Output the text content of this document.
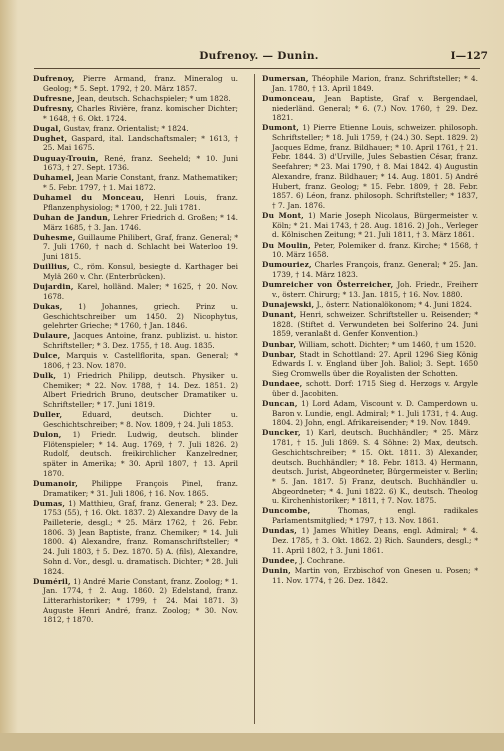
Dufrenoy. — Dunin.	I—127

Dufrenoy, Pierre Armand, franz. Mineralog u. Geolog; * 5. Sept. 1792, † 20. März 1857.

Dufresne, Jean, deutsch. Schachspieler; * um 1828.

Dufresny, Charles Rivière, franz. komischer Dichter; * 1648, † 6. Okt. 1724.

Dugal, Gustav, franz. Orientalist; * 1824.

Dughet, Gaspard, ital. Landschaftsmaler; * 1613, † 25. Mai 1675.

Duguay-Trouin, René, franz. Seeheld; * 10. Juni 1673, † 27. Sept. 1736.

Duhamel, Jean Marie Constant, franz. Mathematiker; * 5. Febr. 1797, † 1. Mai 1872.

Duhamel du Monceau, Henri Louis, franz. Pflanzenphysiolog; * 1700, † 22. Juli 1781.

Duhan de Jandun, Lehrer Friedrich d. Großen; * 14. März 1685, † 3. Jan. 1746.

Duhesme, Guillaume Philibert, Graf, franz. General; * 7. Juli 1760, † nach d. Schlacht bei Waterloo 19. Juni 1815.

Duillius, C., röm. Konsul, besiegte d. Karthager bei Mylä 260 v. Chr. (Enterbrücken).

Dujardin, Karel, holländ. Maler; * 1625, † 20. Nov. 1678.

Dukas, 1) Johannes, griech. Prinz u. Geschichtschreiber um 1450. 2) Nicophytus, gelehrter Grieche; * 1760, † Jan. 1846.

Dulaure, Jacques Antoine, franz. publizist. u. histor. Schriftsteller; * 3. Dez. 1755, † 18. Aug. 1835.

Dulce, Marquis v. Castellflorita, span. General; * 1806, † 23. Nov. 1870.

Dulk, 1) Friedrich Philipp, deutsch. Physiker u. Chemiker; * 22. Nov. 1788, † 14. Dez. 1851. 2) Albert Friedrich Bruno, deutscher Dramatiker u. Schriftsteller; * 17. Juni 1819.

Duller, Eduard, deutsch. Dichter u. Geschichtschreiber; * 8. Nov. 1809, † 24. Juli 1853.

Dulon, 1) Friedr. Ludwig, deutsch. blinder Flötenspieler; * 14. Aug. 1769, † 7. Juli 1826. 2) Rudolf, deutsch. freikirchlicher Kanzelredner, später in Amerika; * 30. April 1807, † 13. April 1870.

Dumanoir, Philippe François Pinel, franz. Dramatiker; * 31. Juli 1806, † 16. Nov. 1865.

Dumas, 1) Matthieu, Graf, franz. General; * 23. Dez. 1753 (55), † 16. Okt. 1837. 2) Alexandre Davy de la Pailleterie, desgl.; * 25. März 1762, † 26. Febr. 1806. 3) Jean Baptiste, franz. Chemiker; * 14. Juli 1800. 4) Alexandre, franz. Romanschriftsteller; * 24. Juli 1803, † 5. Dez. 1870. 5) A. (fils), Alexandre, Sohn d. Vor., desgl. u. dramatisch. Dichter; * 28. Juli 1824.

Duméril, 1) André Marie Constant, franz. Zoolog; * 1. Jan. 1774, † 2. Aug. 1860. 2) Edelstand, franz. Litterarhistoriker; * 1799, † 24. Mai 1871. 3) Auguste Henri André, franz. Zoolog; * 30. Nov. 1812, † 1870.

Dumersan, Théophile Marion, franz. Schriftsteller; * 4. Jan. 1780, † 13. April 1849.

Dumonceau, Jean Baptiste, Graf v. Bergendael, niederländ. General; * 6. (7.) Nov. 1760, † 29. Dez. 1821.

Dumont, 1) Pierre Etienne Louis, schweizer. philosoph. Schriftsteller; * 18. Juli 1759, † (24.) 30. Sept. 1829. 2) Jacques Edme, franz. Bildhauer; * 10. April 1761, † 21. Febr. 1844. 3) d'Urville, Jules Sebastien César, franz. Seefahrer; * 23. Mai 1790, † 8. Mai 1842. 4) Augustin Alexandre, franz. Bildhauer; * 14. Aug. 1801. 5) André Hubert, franz. Geolog; * 15. Febr. 1809, † 28. Febr. 1857. 6) Léon, franz. philosoph. Schriftsteller; * 1837, † 7. Jan. 1876.

Du Mont, 1) Marie Joseph Nicolaus, Bürgermeister v. Köln; * 21. Mai 1743, † 28. Aug. 1816. 2) Joh., Verleger d. Kölnischen Zeitung; * 21. Juli 1811, † 3. März 1861.

Du Moulin, Peter, Polemiker d. franz. Kirche; * 1568, † 10. März 1658.

Dumouriez, Charles François, franz. General; * 25. Jan. 1739, † 14. März 1823.

Dumreicher von Österreicher, Joh. Friedr., Freiherr v., österr. Chirurg; * 13. Jan. 1815, † 16. Nov. 1880.

Dunajewski, J., österr. Nationalökonom; * 4. Juni 1824.

Dunant, Henri, schweizer. Schriftsteller u. Reisender; * 1828. (Stiftet d. Verwundeten bei Solferino 24. Juni 1859, veranlaßt d. Genfer Konvention.)

Dunbar, William, schott. Dichter; * um 1460, † um 1520.

Dunbar, Stadt in Schottland: 27. April 1296 Sieg König Edwards I. v. England über Joh. Baliol; 3. Sept. 1650 Sieg Cromwells über die Royalisten der Schotten.

Dundaee, schott. Dorf: 1715 Sieg d. Herzogs v. Argyle über d. Jacobiten.

Duncan, 1) Lord Adam, Viscount v. D. Camperdown u. Baron v. Lundie, engl. Admiral; * 1. Juli 1731, † 4. Aug. 1804. 2) John, engl. Afrikareisender; * 19. Nov. 1849.

Duncker, 1) Karl, deutsch. Buchhändler; * 25. März 1781, † 15. Juli 1869. S. 4 Söhne: 2) Max, deutsch. Geschichtschreiber; * 15. Okt. 1811. 3) Alexander, deutsch. Buchhändler; * 18. Febr. 1813. 4) Hermann, deutsch. Jurist, Abgeordneter, Bürgermeister v. Berlin; * 5. Jan. 1817. 5) Franz, deutsch. Buchhändler u. Abgeordneter; * 4. Juni 1822. 6) K., deutsch. Theolog u. Kirchenhistoriker; * 1811, † 7. Nov. 1875.

Duncombe, Thomas, engl. radikales Parlamentsmitglied; * 1797, † 13. Nov. 1861.

Dundas, 1) James Whitley Deans, engl. Admiral; * 4. Dez. 1785, † 3. Okt. 1862. 2) Rich. Saunders, desgl.; * 11. April 1802, † 3. Juni 1861.

Dundee, J. Cochrane.

Dunin, Martin von, Erzbischof von Gnesen u. Posen; * 11. Nov. 1774, † 26. Dez. 1842.
